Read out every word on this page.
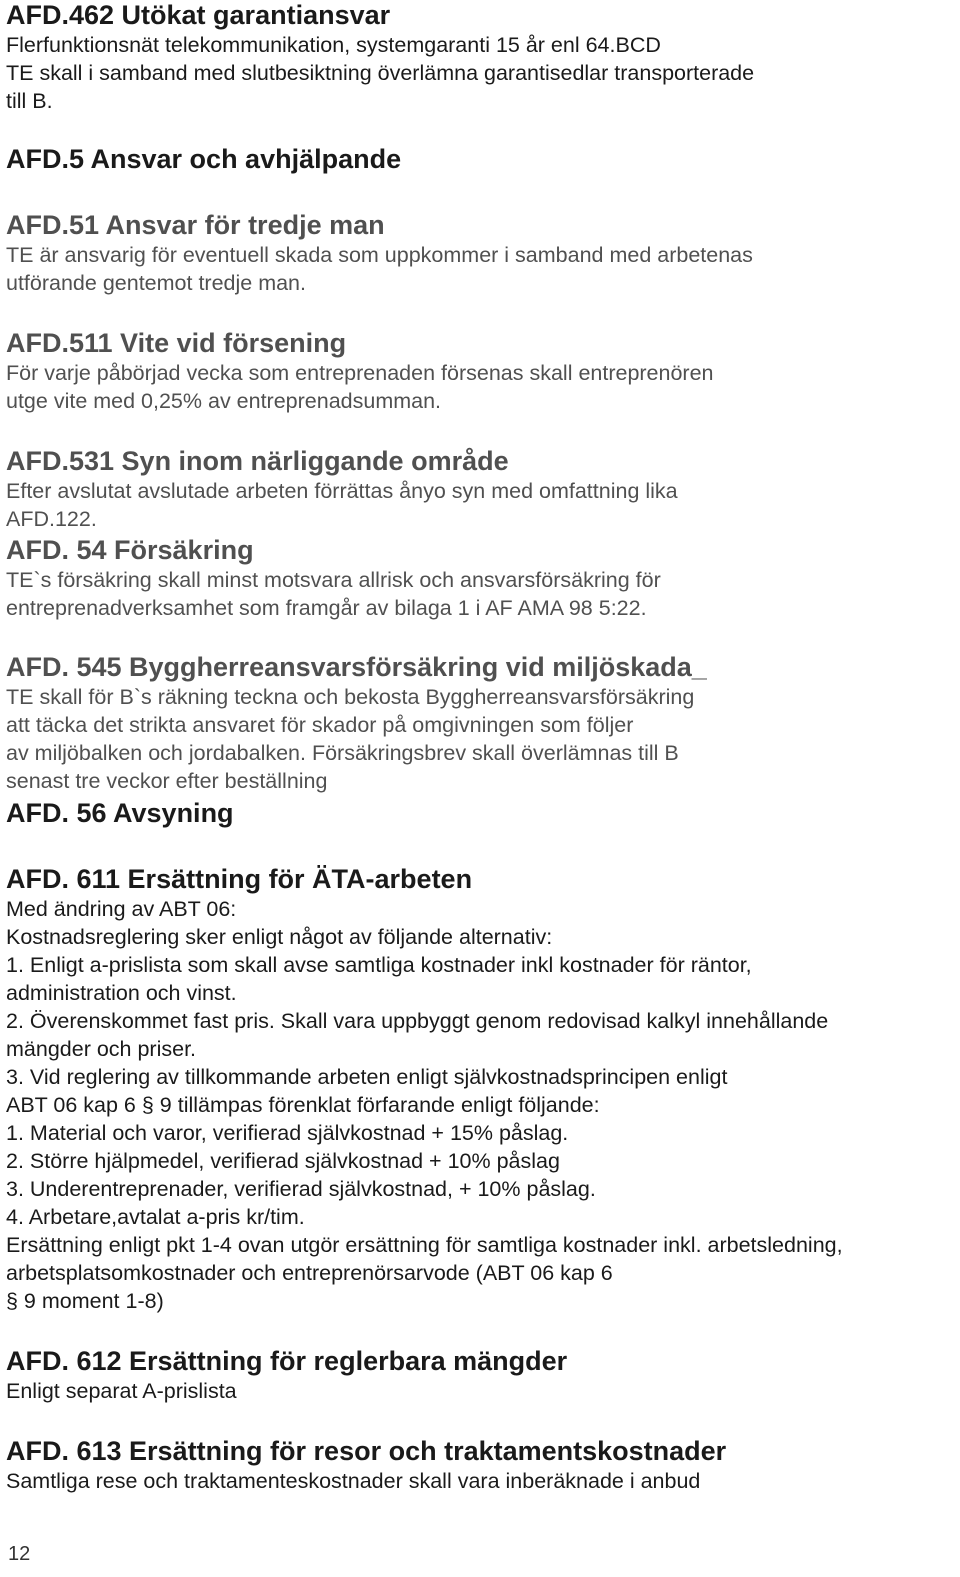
AFD.462 Utökat garantiansvar
Flerfunktionsnät telekommunikation, systemgaranti 15 år enl 64.BCD
TE skall i samband med slutbesiktning överlämna garantisedlar transporterade
till B.
AFD.5 Ansvar och avhjälpande
AFD.51 Ansvar för tredje man
TE är ansvarig för eventuell skada som uppkommer i samband med arbetenas
utförande gentemot tredje man.
AFD.511 Vite vid försening
För varje påbörjad vecka som entreprenaden försenas skall entreprenören
utge vite med 0,25% av entreprenadsumman.
AFD.531 Syn inom närliggande område
Efter avslutat avslutade arbeten förrättas ånyo syn med omfattning lika
AFD.122.
AFD. 54 Försäkring
TE`s försäkring skall minst motsvara allrisk och ansvarsförsäkring för
entreprenadverksamhet som framgår av bilaga 1 i AF AMA 98 5:22.
AFD. 545 Byggherreansvarsförsäkring vid miljöskada_
TE skall för B`s räkning teckna och bekosta Byggherreansvarsförsäkring
att täcka det strikta ansvaret för skador på omgivningen som följer
av miljöbalken och jordabalken. Försäkringsbrev skall överlämnas till B
senast tre veckor efter beställning
AFD. 56 Avsyning
AFD. 611 Ersättning för ÄTA-arbeten
Med ändring av ABT 06:
Kostnadsreglering sker enligt något av följande alternativ:
1. Enligt a-prislista som skall avse samtliga kostnader inkl kostnader för räntor,
administration och vinst.
2. Överenskommet fast pris. Skall vara uppbyggt genom redovisad kalkyl innehållande
mängder och priser.
3. Vid reglering av tillkommande arbeten enligt självkostnadsprincipen enligt
ABT 06 kap 6 § 9 tillämpas förenklat förfarande enligt följande:
1. Material och varor, verifierad självkostnad + 15% påslag.
2. Större hjälpmedel, verifierad självkostnad + 10% påslag
3. Underentreprenader, verifierad självkostnad, + 10% påslag.
4. Arbetare,avtalat a-pris kr/tim.
Ersättning enligt pkt 1-4 ovan utgör ersättning för samtliga kostnader inkl. arbetsledning,
arbetsplatsomkostnader och entreprenörsarvode (ABT 06 kap 6
§ 9 moment 1-8)
AFD. 612 Ersättning för reglerbara mängder
Enligt separat A-prislista
AFD. 613 Ersättning för resor och traktamentskostnader
Samtliga rese och traktamenteskostnader skall vara inberäknade i anbud
12
